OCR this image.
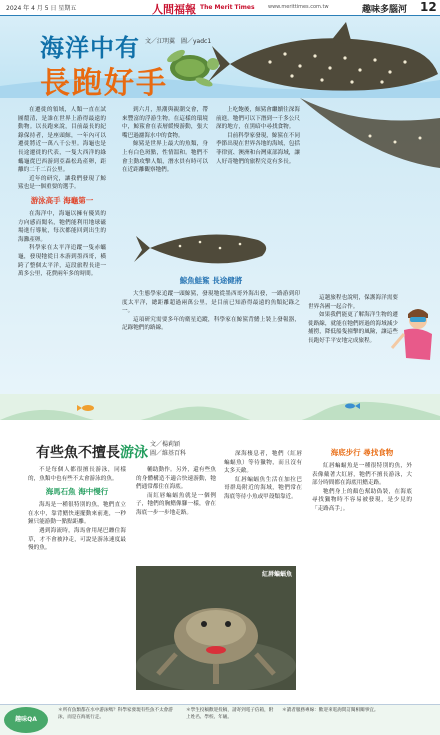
2024 年 4 月 5 日 星期五	人間福報 The Merit Times	www.merittimes.com.tw	趣味多腦河 12
海洋中有
長跑好手
文／江明翼　圖／yadc1

在遷徙的領域，人類一直在試圖釐清，是誰在世界上游得最遠的動物。以長跑來說，目前最長的紀錄保持者，是座頭鯨，一年內可以遷徙將近一萬八千公里。海龜也是長途遷徙的代表，一隻大西洋的綠蠵龜從巴西游到亞森松島產卵，距離約二千二百公里。

近年的研究，讓我們發現了鯨鯊也是一個重要的選手。

游泳高手 海龜第一

在海洋中，海龜以擁有優異的方向感而聞名，牠們能利用地球磁場進行導航，每次都能回到出生的海灘產卵。

科學家在太平洋追蹤一隻赤蠵龜，發現牠從日本游到墨西哥，橫跨了整個太平洋，這段旅程長達一萬多公里，花費兩年多的時間。

到六月，黑潮與親潮交會，帶來豐富的浮游生物。在這樣的環境中，鯨鯊會在表層緩慢游動，張大嘴巴過濾海水中的食物。

鯨鯊是世界上最大的魚類，身上有白色斑點，性情溫和。牠們不會主動攻擊人類，潛水員有時可以在近距離觀察牠們。

上吃飽後，鯨鯊會繼續往深海前進。牠們可以下潛到一千多公尺深的地方，在黑暗中尋找食物。

目前科學家發現，鯨鯊在不同季節出現在世界各地的海域，包括菲律賓、澳洲和台灣東部海域，讓人好奇牠們的旅程究竟有多長。

鯨魚鮭鯊 長途健將

大生態學家追蹤一頭鯨鯊，發現牠從墨西哥外海出發，一路游到印度太平洋，總距離超過兩萬公里，是目前已知游得最遠的魚類紀錄之一。

這項研究需要多年的衛星追蹤，科學家在鯨鯊背鰭上裝上發報器，記錄牠們的路線。

這趟旅程也說明，保護海洋需要世界各國一起合作。

如果我們能更了解海洋生物的遷徙路線，就能在牠們經過的海域減少捕撈，降低船隻撞擊的風險，讓這些長跑好手平安地完成旅程。

有些魚不擅長游泳
文／楊莉穎
圖／維基百科

不是每個人都很擅長游泳，同樣的，魚類中也有些不太會游泳的魚。

海馬石魚 海中慢行

海馬是一種很特別的魚，牠們直立在水中，靠背鰭快速擺動來前進，一秒鐘只能游動一點點距離。

遇到海流時，海馬會用尾巴纏住海草，才不會被沖走，可說是游泳速度最慢的魚。

輔助動作。另外，還有些魚的身體構造不適合快速游動，牠們通常都住在海底。

而紅唇蝙蝠魚就是一個例子，牠們的胸鰭像腳一樣，會在海底一步一步地走路。

深海棲息者，牠們（紅唇蝙蝠魚）等待獵物，而且沒有太多天敵。

紅唇蝙蝠魚生活在加拉巴哥群島附近的海域，牠們常在海底等待小魚或甲殼類靠近。

海底步行 尋找食物

紅唇蝙蝠魚是一種很特別的魚，外表像戴著大紅唇，牠們不擅長游泳，大部分時間都在海底用鰭走路。

牠們身上的顏色幫助偽裝，在海底尋找獵物時不容易被發現，是少見的「走路高手」。

紅唇蝙蝠魚
趣味QA
＊所有魚類都在水中游泳嗎？科學家發現有些魚不太會游泳，而是在海底行走。
＊學生投稿歡迎投稿，請寄到電子信箱，附上姓名、學校、年級。
＊讀者服務專線：歡迎來電詢問訂閱相關事宜。
